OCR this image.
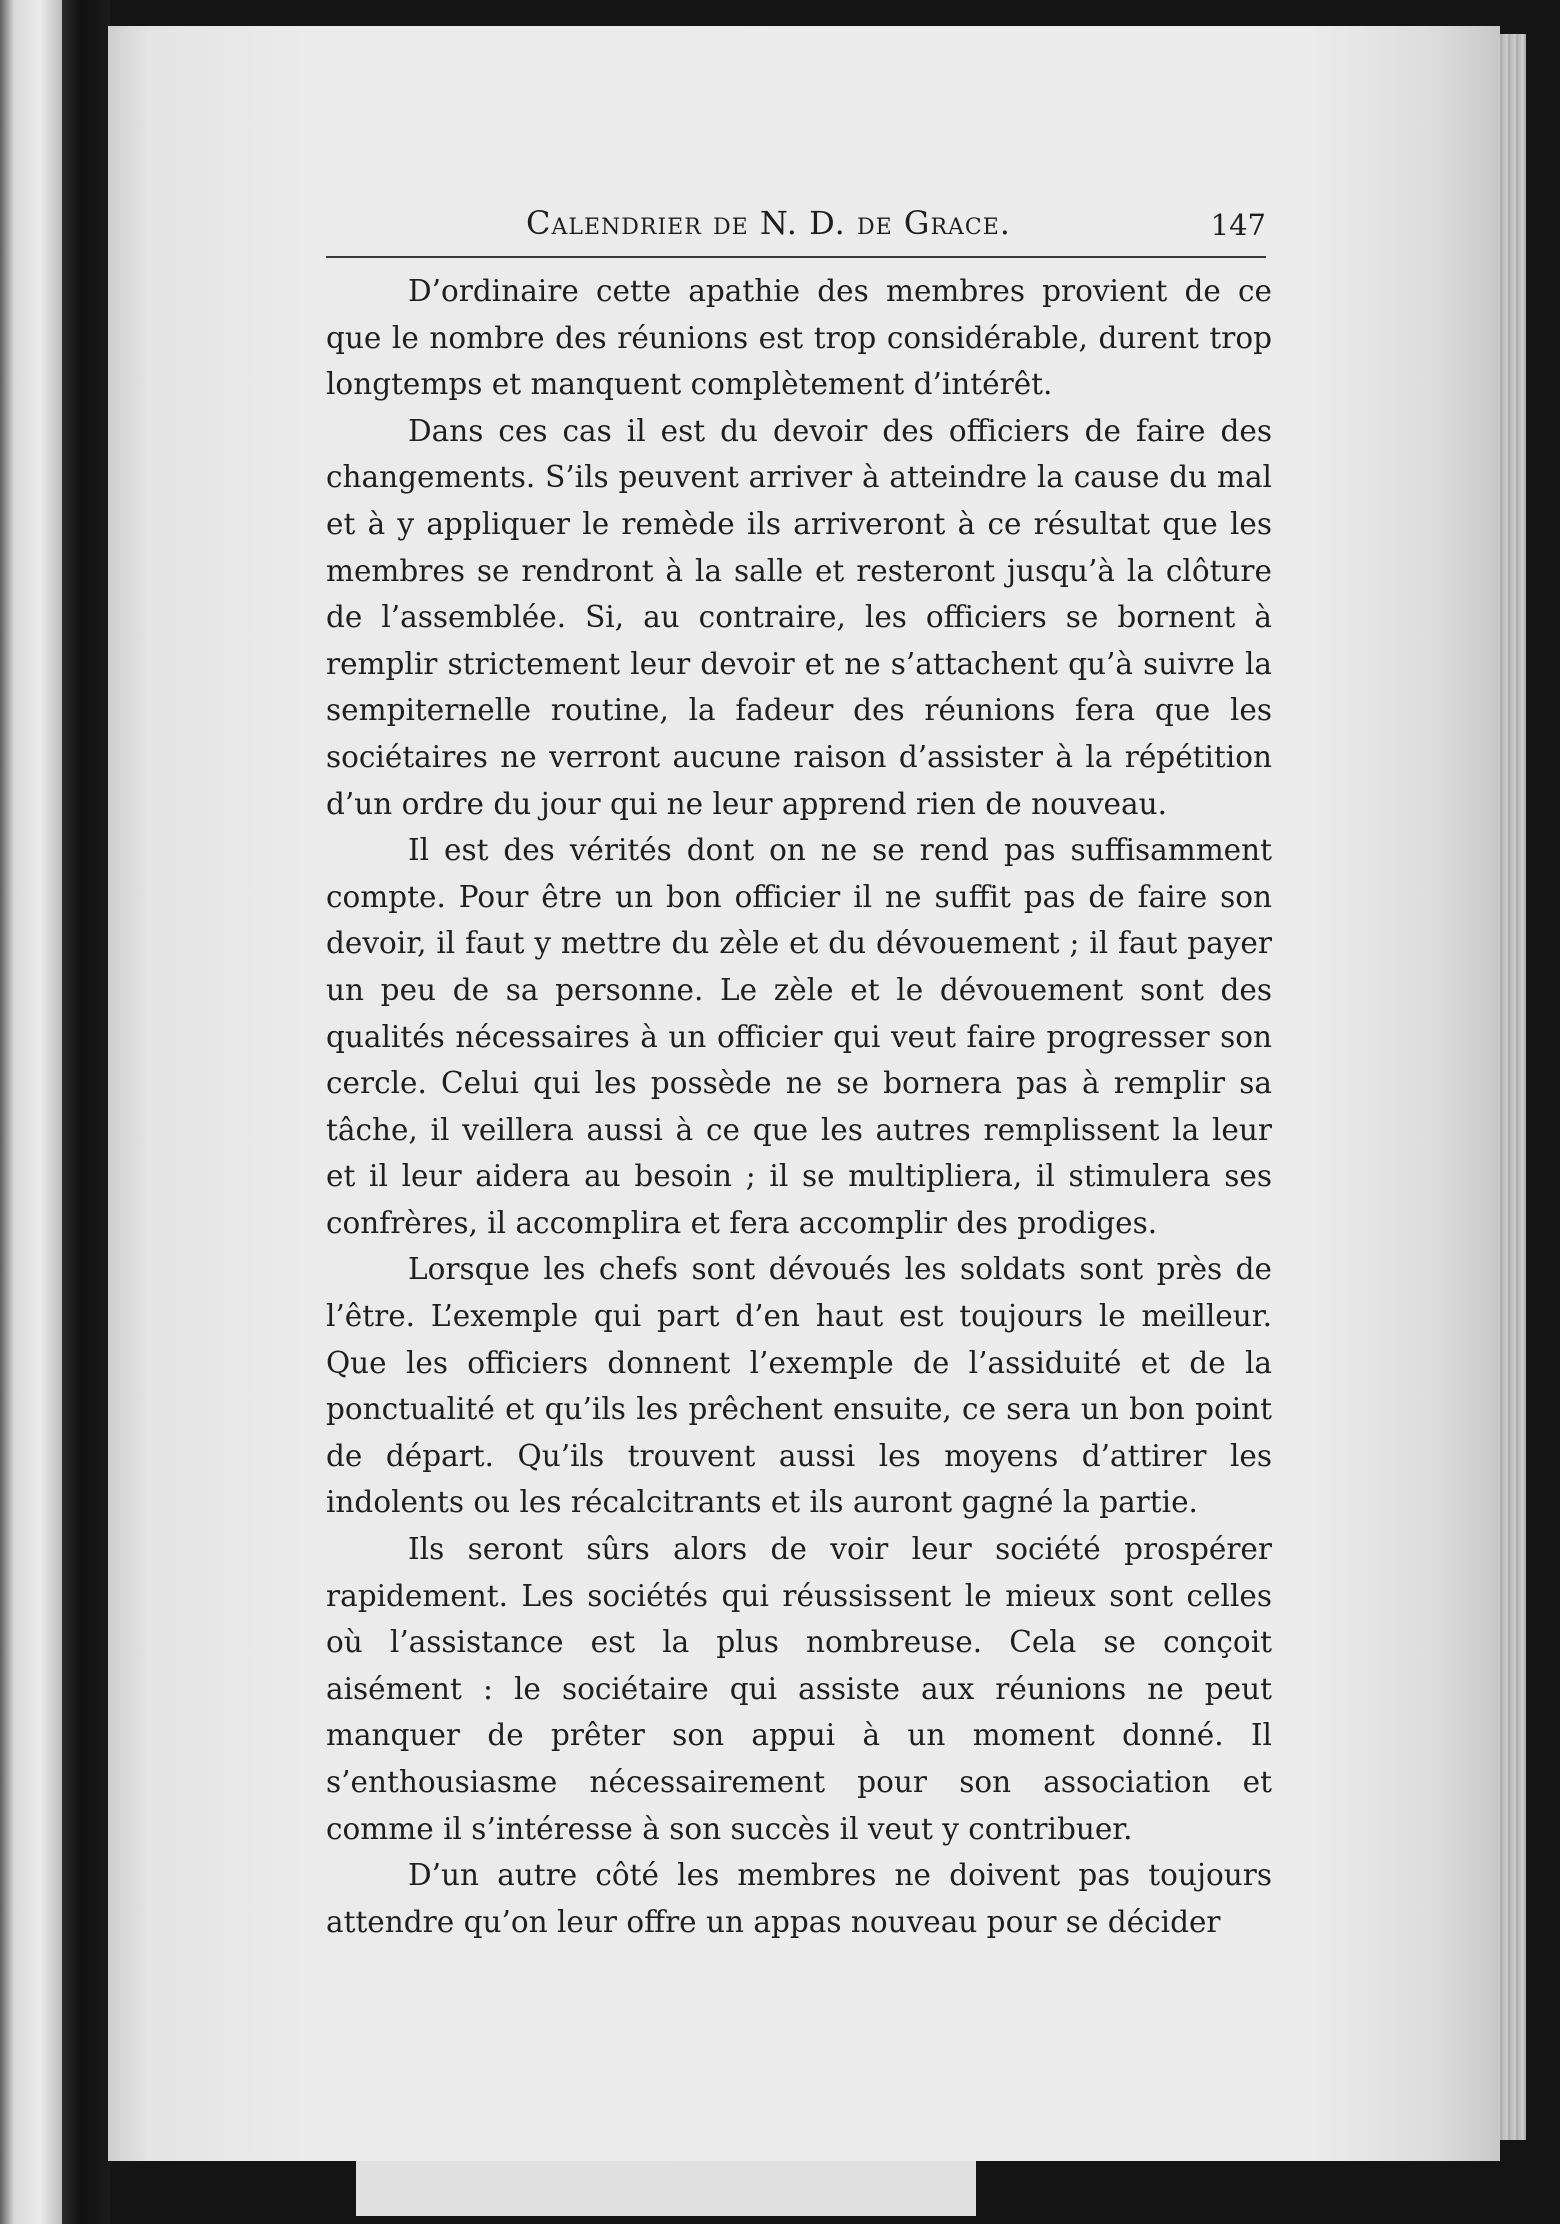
Calendrier de N. D. de Grace.	147

D’ordinaire cette apathie des membres provient de ce que le nombre des réunions est trop considérable, durent trop longtemps et manquent complètement d’intérêt.

Dans ces cas il est du devoir des officiers de faire des changements. S’ils peuvent arriver à atteindre la cause du mal et à y appliquer le remède ils arriveront à ce résultat que les membres se rendront à la salle et resteront jusqu’à la clôture de l’assemblée. Si, au contraire, les officiers se bornent à remplir strictement leur devoir et ne s’attachent qu’à suivre la sempiternelle routine, la fadeur des réunions fera que les sociétaires ne verront aucune raison d’assister à la répétition d’un ordre du jour qui ne leur apprend rien de nouveau.

Il est des vérités dont on ne se rend pas suffisamment compte. Pour être un bon officier il ne suffit pas de faire son devoir, il faut y mettre du zèle et du dévouement ; il faut payer un peu de sa personne. Le zèle et le dévouement sont des qualités nécessaires à un officier qui veut faire progresser son cercle. Celui qui les possède ne se bornera pas à remplir sa tâche, il veillera aussi à ce que les autres remplissent la leur et il leur aidera au besoin ; il se multipliera, il stimulera ses confrères, il accomplira et fera accomplir des prodiges.

Lorsque les chefs sont dévoués les soldats sont près de l’être. L’exemple qui part d’en haut est toujours le meilleur. Que les officiers donnent l’exemple de l’assiduité et de la ponctualité et qu’ils les prêchent ensuite, ce sera un bon point de départ. Qu’ils trouvent aussi les moyens d’attirer les indolents ou les récalcitrants et ils auront gagné la partie.

Ils seront sûrs alors de voir leur société prospérer rapidement. Les sociétés qui réussissent le mieux sont celles où l’assistance est la plus nombreuse. Cela se conçoit aisément : le sociétaire qui assiste aux réunions ne peut manquer de prêter son appui à un moment donné. Il s’enthousiasme nécessairement pour son association et comme il s’intéresse à son succès il veut y contribuer.

D’un autre côté les membres ne doivent pas toujours attendre qu’on leur offre un appas nouveau pour se décider
